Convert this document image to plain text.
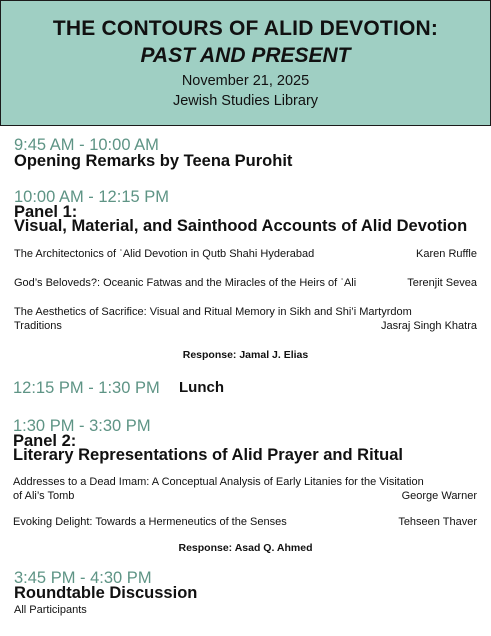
THE CONTOURS OF ALID DEVOTION:
PAST AND PRESENT
November 21, 2025
Jewish Studies Library
9:45 AM - 10:00 AM
Opening Remarks by Teena Purohit
10:00 AM - 12:15 PM
Panel 1:
Visual, Material, and Sainthood Accounts of Alid Devotion
The Architectonics of ʿAlid Devotion in Qutb Shahi Hyderabad	Karen Ruffle
God’s Beloveds?: Oceanic Fatwas and the Miracles of the Heirs of ʿAli	Terenjit Sevea
The Aesthetics of Sacrifice: Visual and Ritual Memory in Sikh and Shi’i Martyrdom
Traditions	Jasraj Singh Khatra
Response: Jamal J. Elias
12:15 PM - 1:30 PM Lunch
1:30 PM - 3:30 PM
Panel 2:
Literary Representations of Alid Prayer and Ritual
Addresses to a Dead Imam: A Conceptual Analysis of Early Litanies for the Visitation
of Ali’s Tomb	George Warner
Evoking Delight: Towards a Hermeneutics of the Senses	Tehseen Thaver
Response: Asad Q. Ahmed
3:45 PM - 4:30 PM
Roundtable Discussion
All Participants
